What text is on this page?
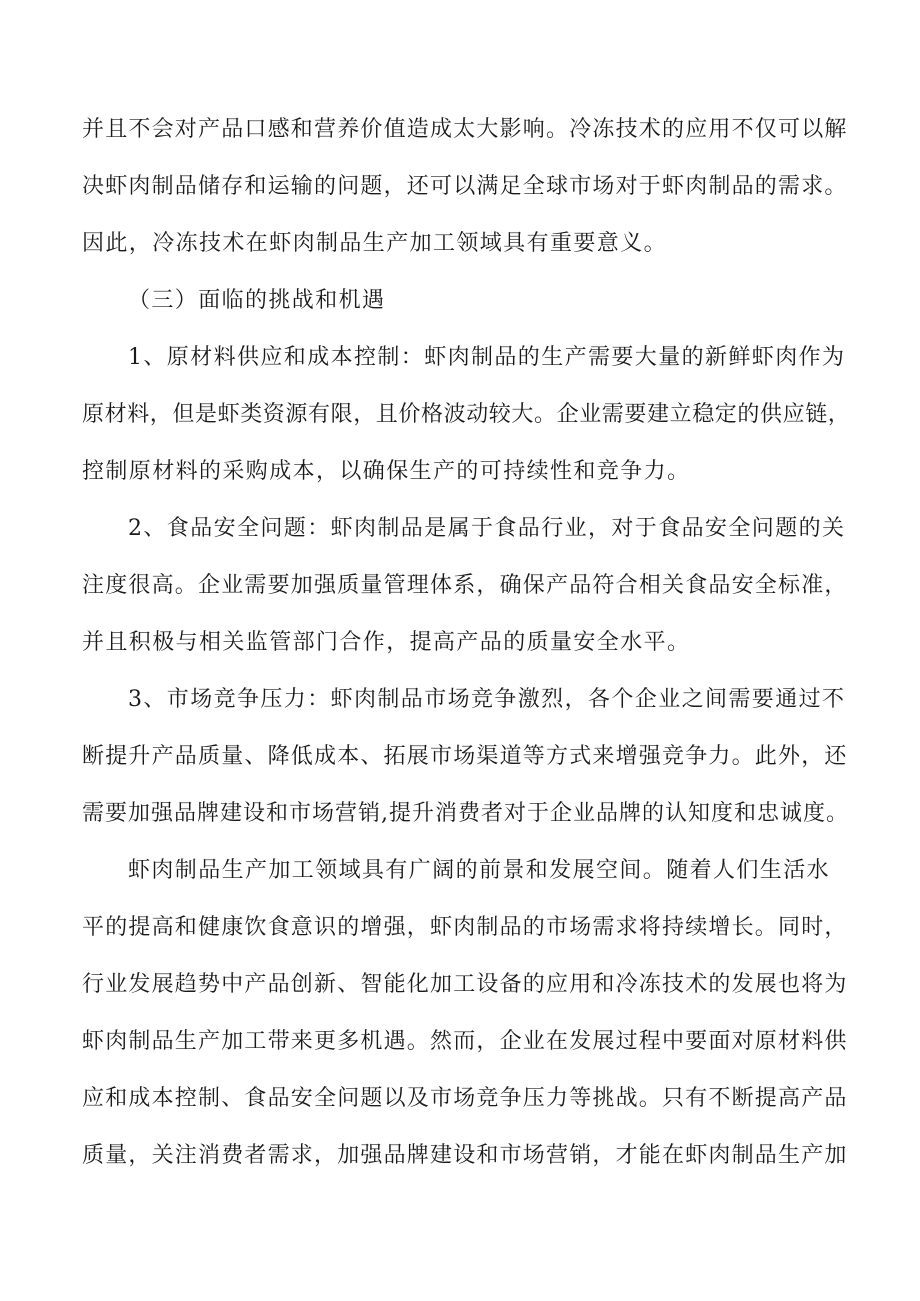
并且不会对产品口感和营养价值造成太大影响。冷冻技术的应用不仅可以解
决虾肉制品储存和运输的问题，还可以满足全球市场对于虾肉制品的需求。
因此，冷冻技术在虾肉制品生产加工领域具有重要意义。
（三）面临的挑战和机遇
1、原材料供应和成本控制：虾肉制品的生产需要大量的新鲜虾肉作为
原材料，但是虾类资源有限，且价格波动较大。企业需要建立稳定的供应链，
控制原材料的采购成本，以确保生产的可持续性和竞争力。
2、食品安全问题：虾肉制品是属于食品行业，对于食品安全问题的关
注度很高。企业需要加强质量管理体系，确保产品符合相关食品安全标准，
并且积极与相关监管部门合作，提高产品的质量安全水平。
3、市场竞争压力：虾肉制品市场竞争激烈，各个企业之间需要通过不
断提升产品质量、降低成本、拓展市场渠道等方式来增强竞争力。此外，还
需要加强品牌建设和市场营销,提升消费者对于企业品牌的认知度和忠诚度。
虾肉制品生产加工领域具有广阔的前景和发展空间。随着人们生活水
平的提高和健康饮食意识的增强，虾肉制品的市场需求将持续增长。同时，
行业发展趋势中产品创新、智能化加工设备的应用和冷冻技术的发展也将为
虾肉制品生产加工带来更多机遇。然而，企业在发展过程中要面对原材料供
应和成本控制、食品安全问题以及市场竞争压力等挑战。只有不断提高产品
质量，关注消费者需求，加强品牌建设和市场营销，才能在虾肉制品生产加
